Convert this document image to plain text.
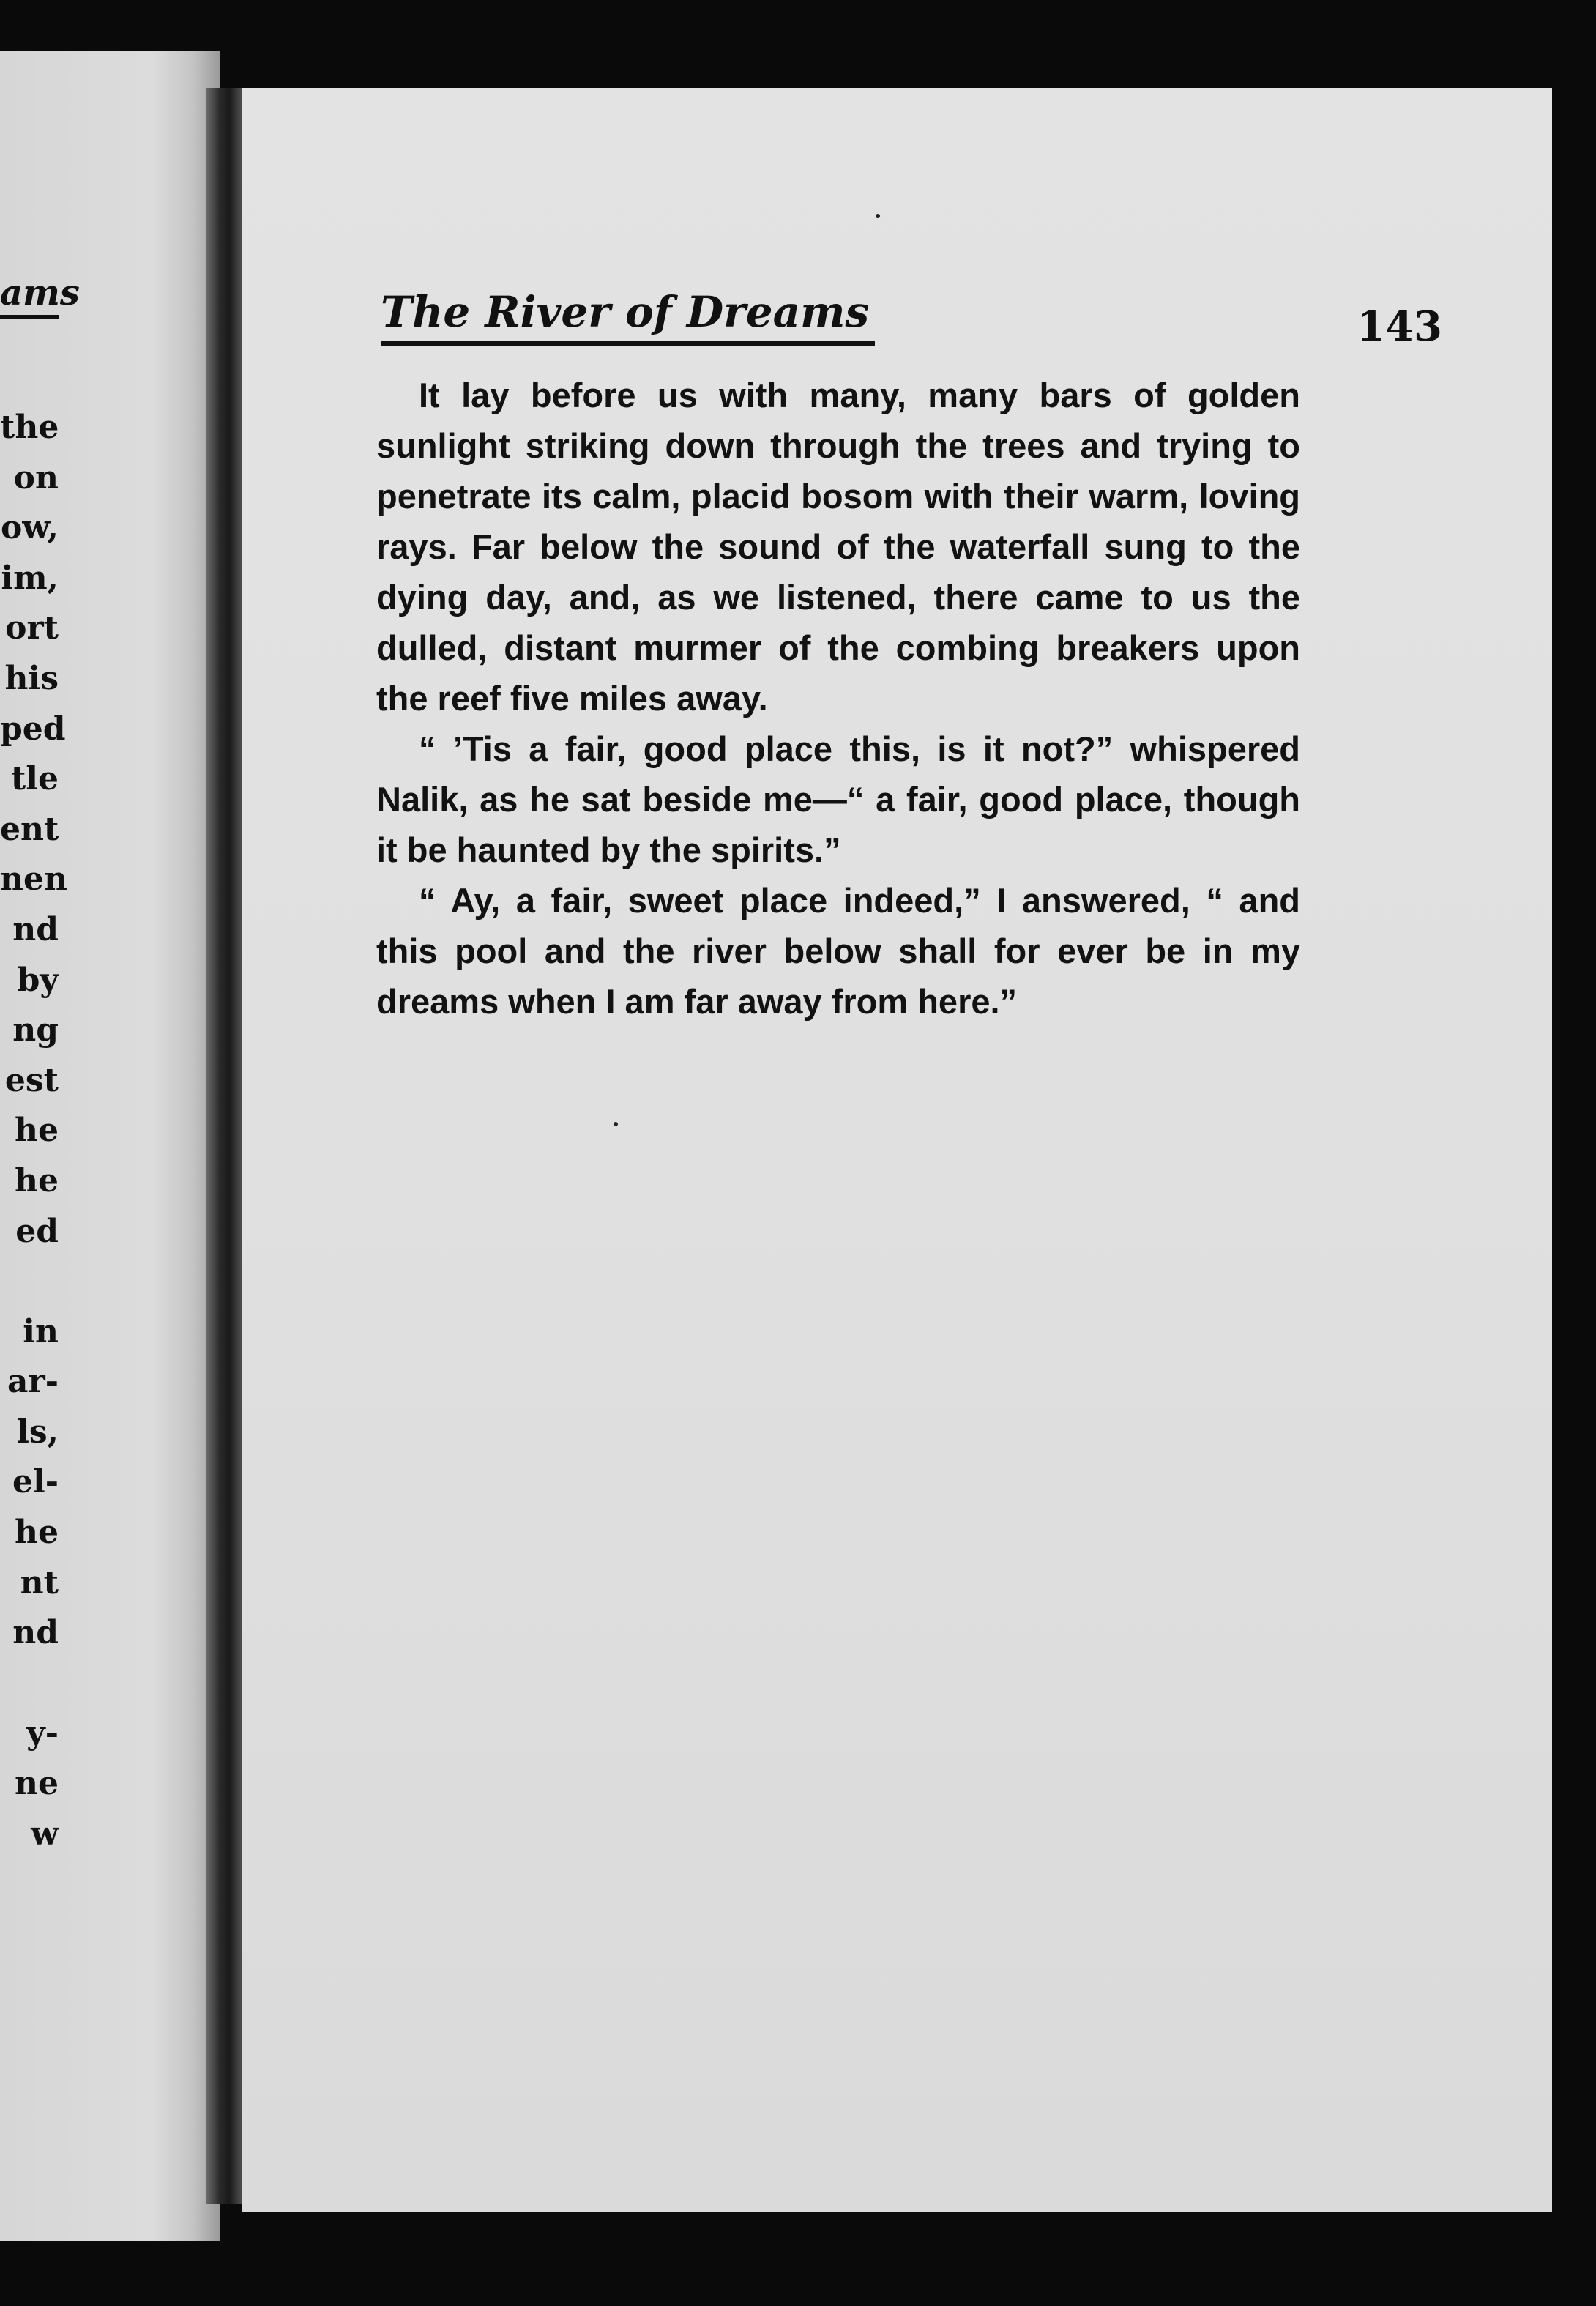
ams
the
on
ow,
im,
ort
his
ped
tle
ent
nen
nd
by
ng
est
he
he
ed
in
ar-
ls,
el-
he
nt
nd
y-
ne
w
The River of Dreams	143

It lay before us with many, many bars of golden sunlight striking down through the trees and trying to penetrate its calm, placid bosom with their warm, loving rays. Far below the sound of the waterfall sung to the dying day, and, as we listened, there came to us the dulled, distant murmer of the combing breakers upon the reef five miles away.

“ ’Tis a fair, good place this, is it not?” whispered Nalik, as he sat beside me—“ a fair, good place, though it be haunted by the spirits.”

“ Ay, a fair, sweet place indeed,” I answered, “ and this pool and the river below shall for ever be in my dreams when I am far away from here.”
